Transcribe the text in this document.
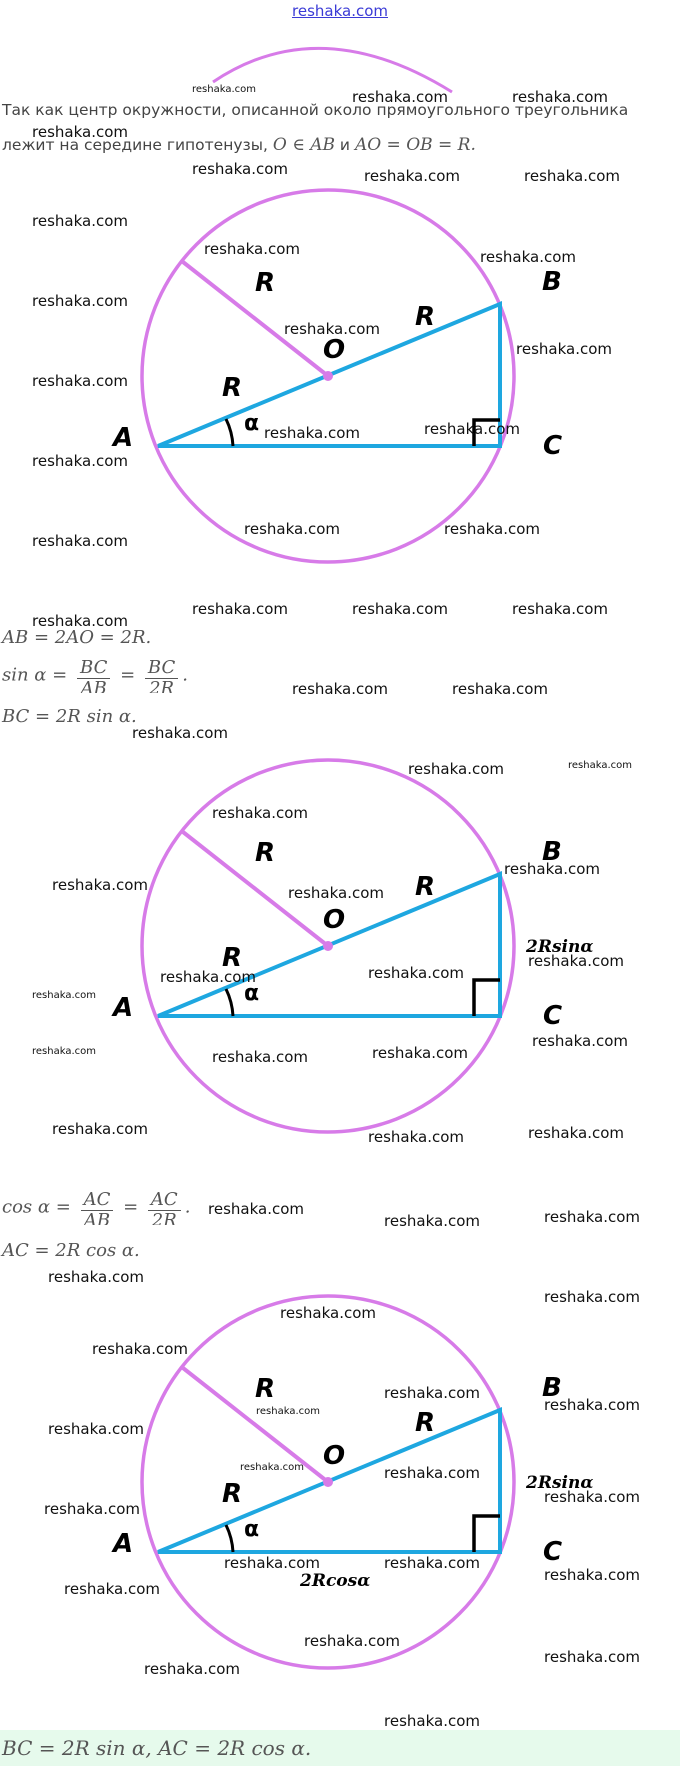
reshaka.com
Так как центр окружности, описанной около прямоугольного треугольника
лежит на середине гипотенузы, O ∈ AB и AO = OB = R.
R
R
R
O
A
B
C
α
AB = 2AO = 2R.
$\sin \alpha = \frac{BC}{AB} = \frac{BC}{2R}$ .
BC = 2R sin α.
R
R
R
O
A
B
C
α
2Rsinα
$\cos \alpha = \frac{AC}{AB} = \frac{AC}{2R}$ .
AC = 2R cos α.
R
R
R
O
A
B
C
α
2Rsinα
2Rcosα
BC = 2R sin α, AC = 2R cos α.
reshaka.com	reshaka.com	reshaka.com
reshaka.com
reshaka.com	reshaka.com	reshaka.com
reshaka.com
reshaka.com	reshaka.com
reshaka.com
reshaka.com
reshaka.com
reshaka.com
reshaka.com	reshaka.com
reshaka.com
reshaka.com
reshaka.com	reshaka.com
reshaka.com
reshaka.com	reshaka.com	reshaka.com
reshaka.com	reshaka.com
reshaka.com
reshaka.com	reshaka.com
reshaka.com
reshaka.com	reshaka.com
reshaka.com
reshaka.com	reshaka.com
reshaka.com
reshaka.com
reshaka.com	reshaka.com	reshaka.com
reshaka.com
reshaka.com	reshaka.com	reshaka.com
reshaka.com
reshaka.com	reshaka.com
reshaka.com
reshaka.com
reshaka.com
reshaka.com
reshaka.com
reshaka.com
reshaka.com
reshaka.com
reshaka.com
reshaka.com
reshaka.com
reshaka.com
reshaka.com	reshaka.com
reshaka.com
reshaka.com
reshaka.com
reshaka.com
reshaka.com
reshaka.com
